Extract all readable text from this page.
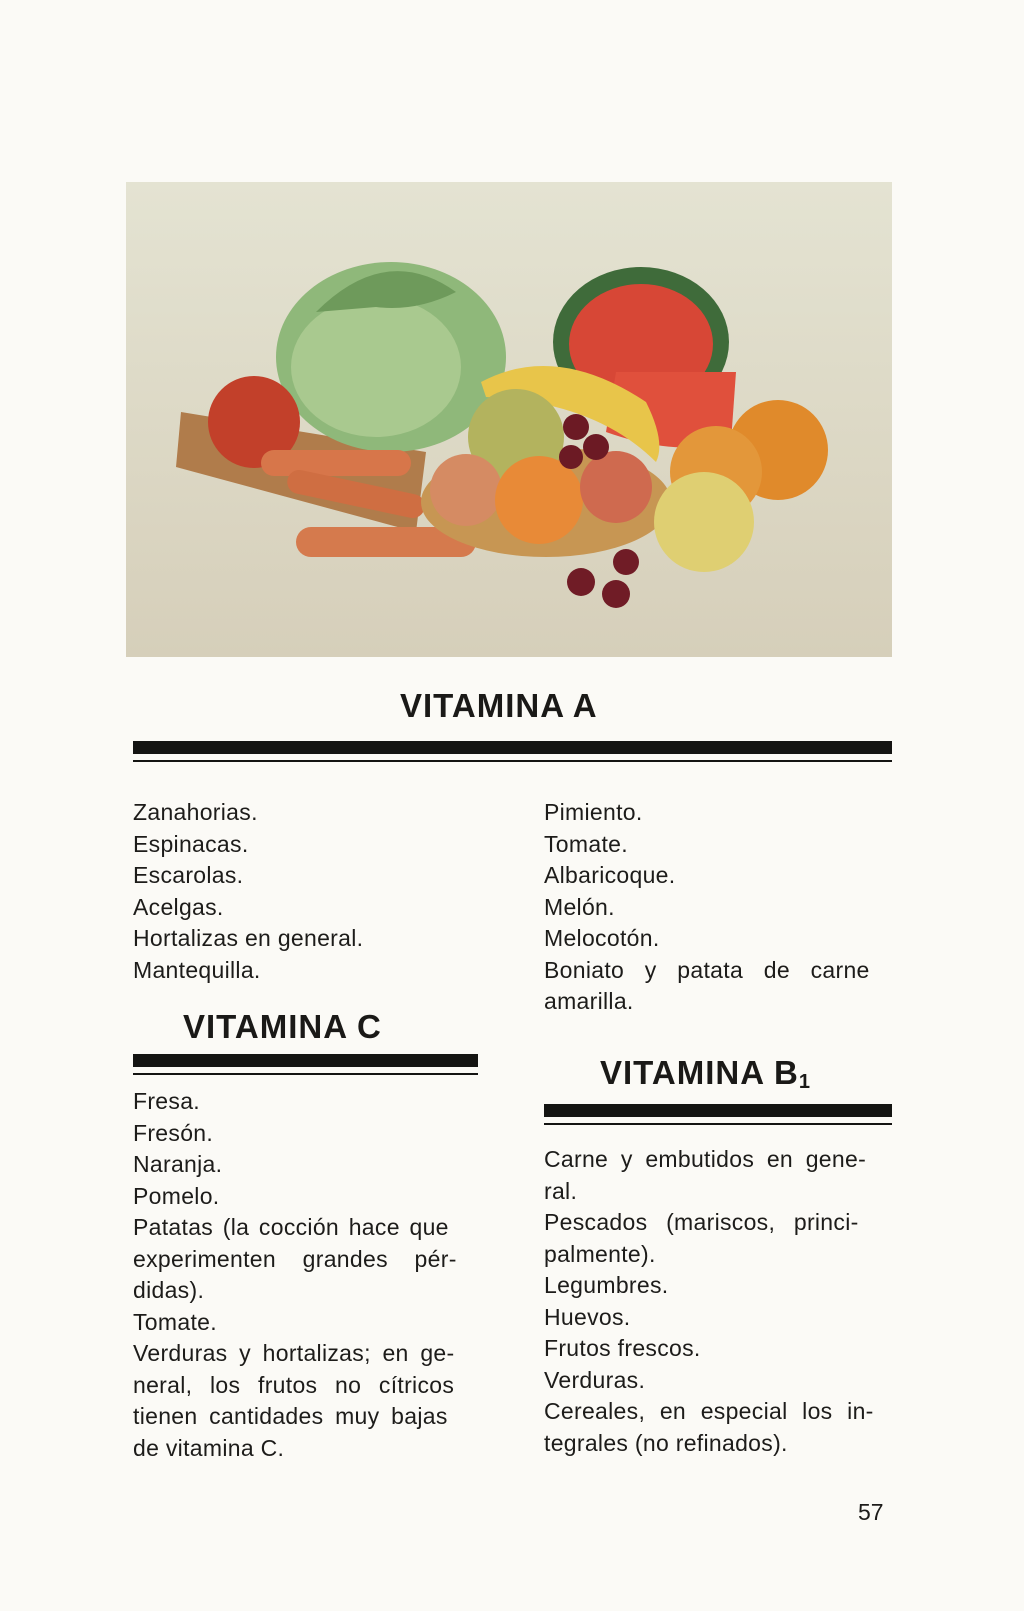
VITAMINA A
Zanahorias.
Espinacas.
Escarolas.
Acelgas.
Hortalizas en general.
Mantequilla.
Pimiento.
Tomate.
Albaricoque.
Melón.
Melocotón.
Boniato y patata de carne
amarilla.
VITAMINA C
Fresa.
Fresón.
Naranja.
Pomelo.
Patatas (la cocción hace que
experimenten grandes pér-
didas).
Tomate.
Verduras y hortalizas; en ge-
neral, los frutos no cítricos
tienen cantidades muy bajas
de vitamina C.
VITAMINA $B_1$
Carne y embutidos en gene-
ral.
Pescados (mariscos, princi-
palmente).
Legumbres.
Huevos.
Frutos frescos.
Verduras.
Cereales, en especial los in-
tegrales (no refinados).
57
